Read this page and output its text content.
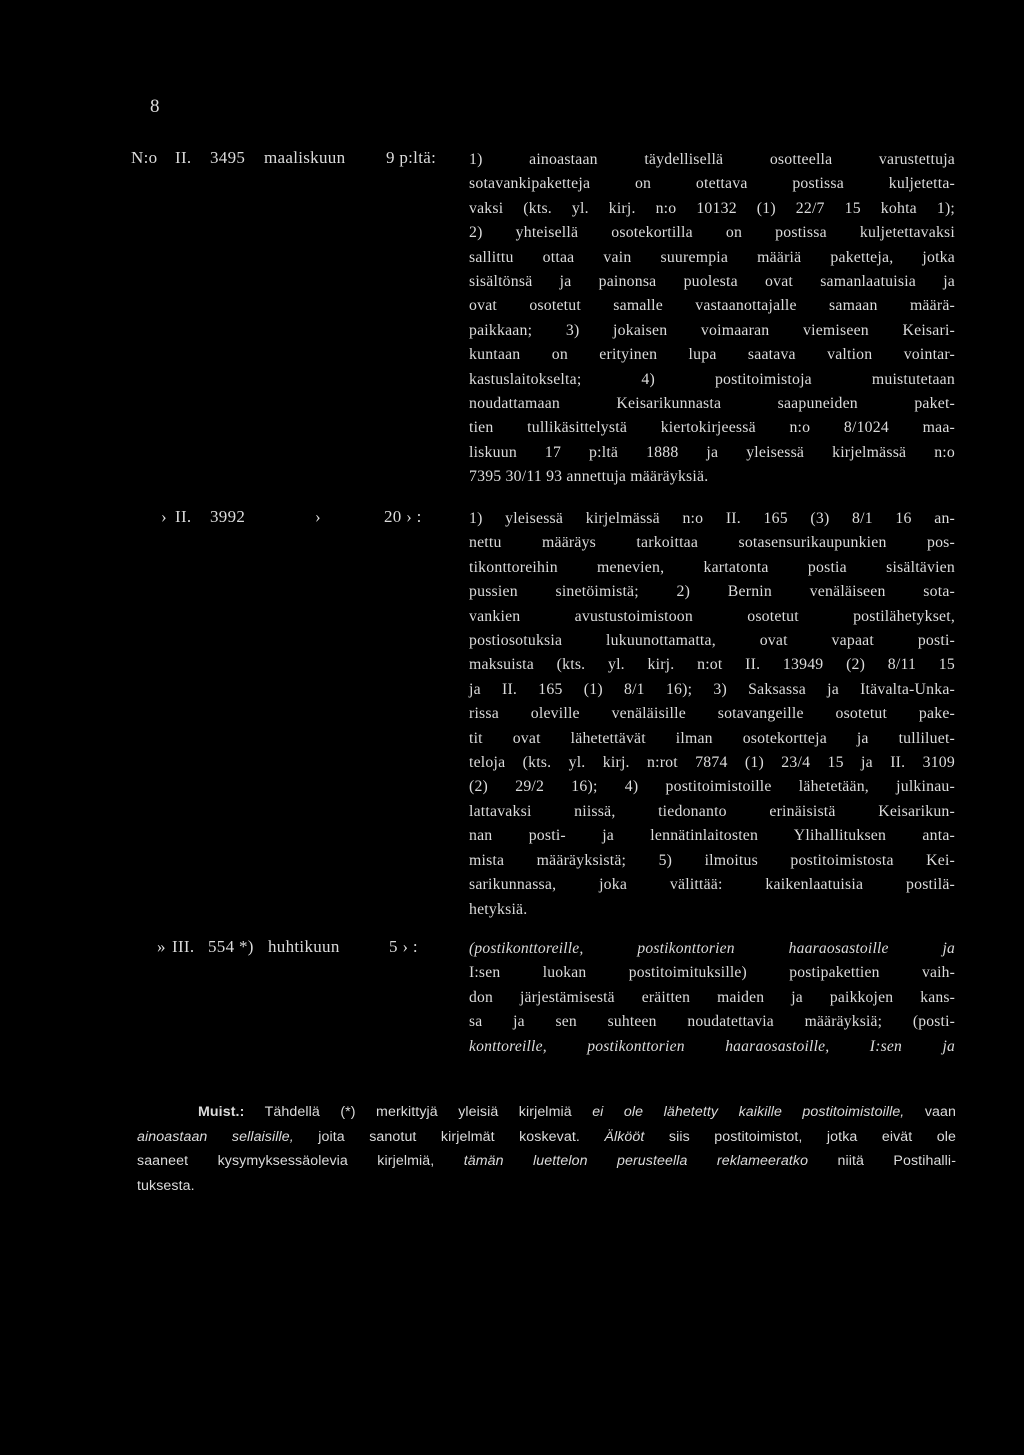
8
N:o II. 3495 maaliskuun 9 p:ltä: 1) ainoastaan täydellisellä osotteella varustettuja
sotavankipaketteja on otettava postissa kuljetetta-
vaksi (kts. yl. kirj. n:o 10132 (1) 22/7 15 kohta 1);
2) yhteisellä osotekortilla on postissa kuljetettavaksi
sallittu ottaa vain suurempia määriä paketteja, jotka
sisältönsä ja painonsa puolesta ovat samanlaatuisia ja
ovat osotetut samalle vastaanottajalle samaan määrä-
paikkaan; 3) jokaisen voimaaran viemiseen Keisari-
kuntaan on erityinen lupa saatava valtion vointar-
kastuslaitokselta; 4) postitoimistoja muistutetaan
noudattamaan Keisarikunnasta saapuneiden paket-
tien tullikäsittelystä kiertokirjeessä n:o 8/1024 maa-
liskuun 17 p:ltä 1888 ja yleisessä kirjelmässä n:o
7395 30/11 93 annettuja määräyksiä.
› II. 3992	›	20 › :	1) yleisessä kirjelmässä n:o II. 165 (3) 8/1 16 an-
nettu määräys tarkoittaa sotasensurikaupunkien pos-
tikonttoreihin menevien, kartatonta postia sisältävien
pussien sinetöimistä; 2) Bernin venäläiseen sota-
vankien avustustoimistoon osotetut postilähetykset,
postiosotuksia lukuunottamatta, ovat vapaat posti-
maksuista (kts. yl. kirj. n:ot II. 13949 (2) 8/11 15
ja II. 165 (1) 8/1 16); 3) Saksassa ja Itävalta-Unka-
rissa oleville venäläisille sotavangeille osotetut pake-
tit ovat lähetettävät ilman osotekortteja ja tulliluet-
teloja (kts. yl. kirj. n:rot 7874 (1) 23/4 15 ja II. 3109
(2) 29/2 16); 4) postitoimistoille lähetetään, julkinau-
lattavaksi niissä, tiedonanto erinäisistä Keisarikun-
nan posti- ja lennätinlaitosten Ylihallituksen anta-
mista määräyksistä; 5) ilmoitus postitoimistosta Kei-
sarikunnassa, joka välittää: kaikenlaatuisia postilä-
hetyksiä.
» III. 554 *) huhtikuun	5 › :	(postikonttoreille, postikonttorien haaraosastoille ja
I:sen luokan postitoimituksille) postipakettien vaih-
don järjestämisestä eräitten maiden ja paikkojen kans-
sa ja sen suhteen noudatettavia määräyksiä; (posti-
konttoreille, postikonttorien haaraosastoille, I:sen ja
Muist.: Tähdellä (*) merkittyjä yleisiä kirjelmiä ei ole lähetetty kaikille postitoimistoille, vaan
ainoastaan sellaisille, joita sanotut kirjelmät koskevat. Älkööt siis postitoimistot, jotka eivät ole
saaneet kysymyksessäolevia kirjelmiä, tämän luettelon perusteella reklameeratko niitä Postihalli-
tuksesta.
